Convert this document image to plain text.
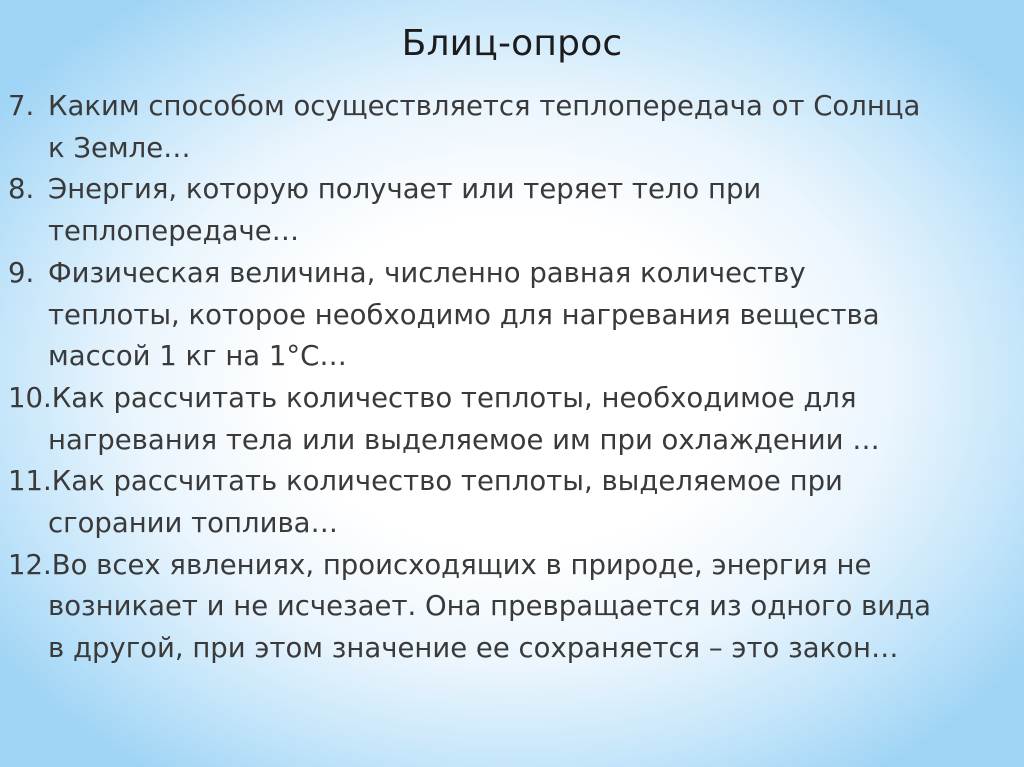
Блиц-опрос
7. Каким способом осуществляется теплопередача от Солнца
к Земле…
8. Энергия, которую получает или теряет тело при
теплопередаче…
9. Физическая величина, численно равная количеству
теплоты, которое необходимо для нагревания вещества
массой 1 кг на 1°С…
10.Как рассчитать количество теплоты, необходимое для
нагревания тела или выделяемое им при охлаждении …
11.Как рассчитать количество теплоты, выделяемое при
сгорании топлива…
12.Во всех явлениях, происходящих в природе, энергия не
возникает и не исчезает. Она превращается из одного вида
в другой, при этом значение ее сохраняется – это закон…
